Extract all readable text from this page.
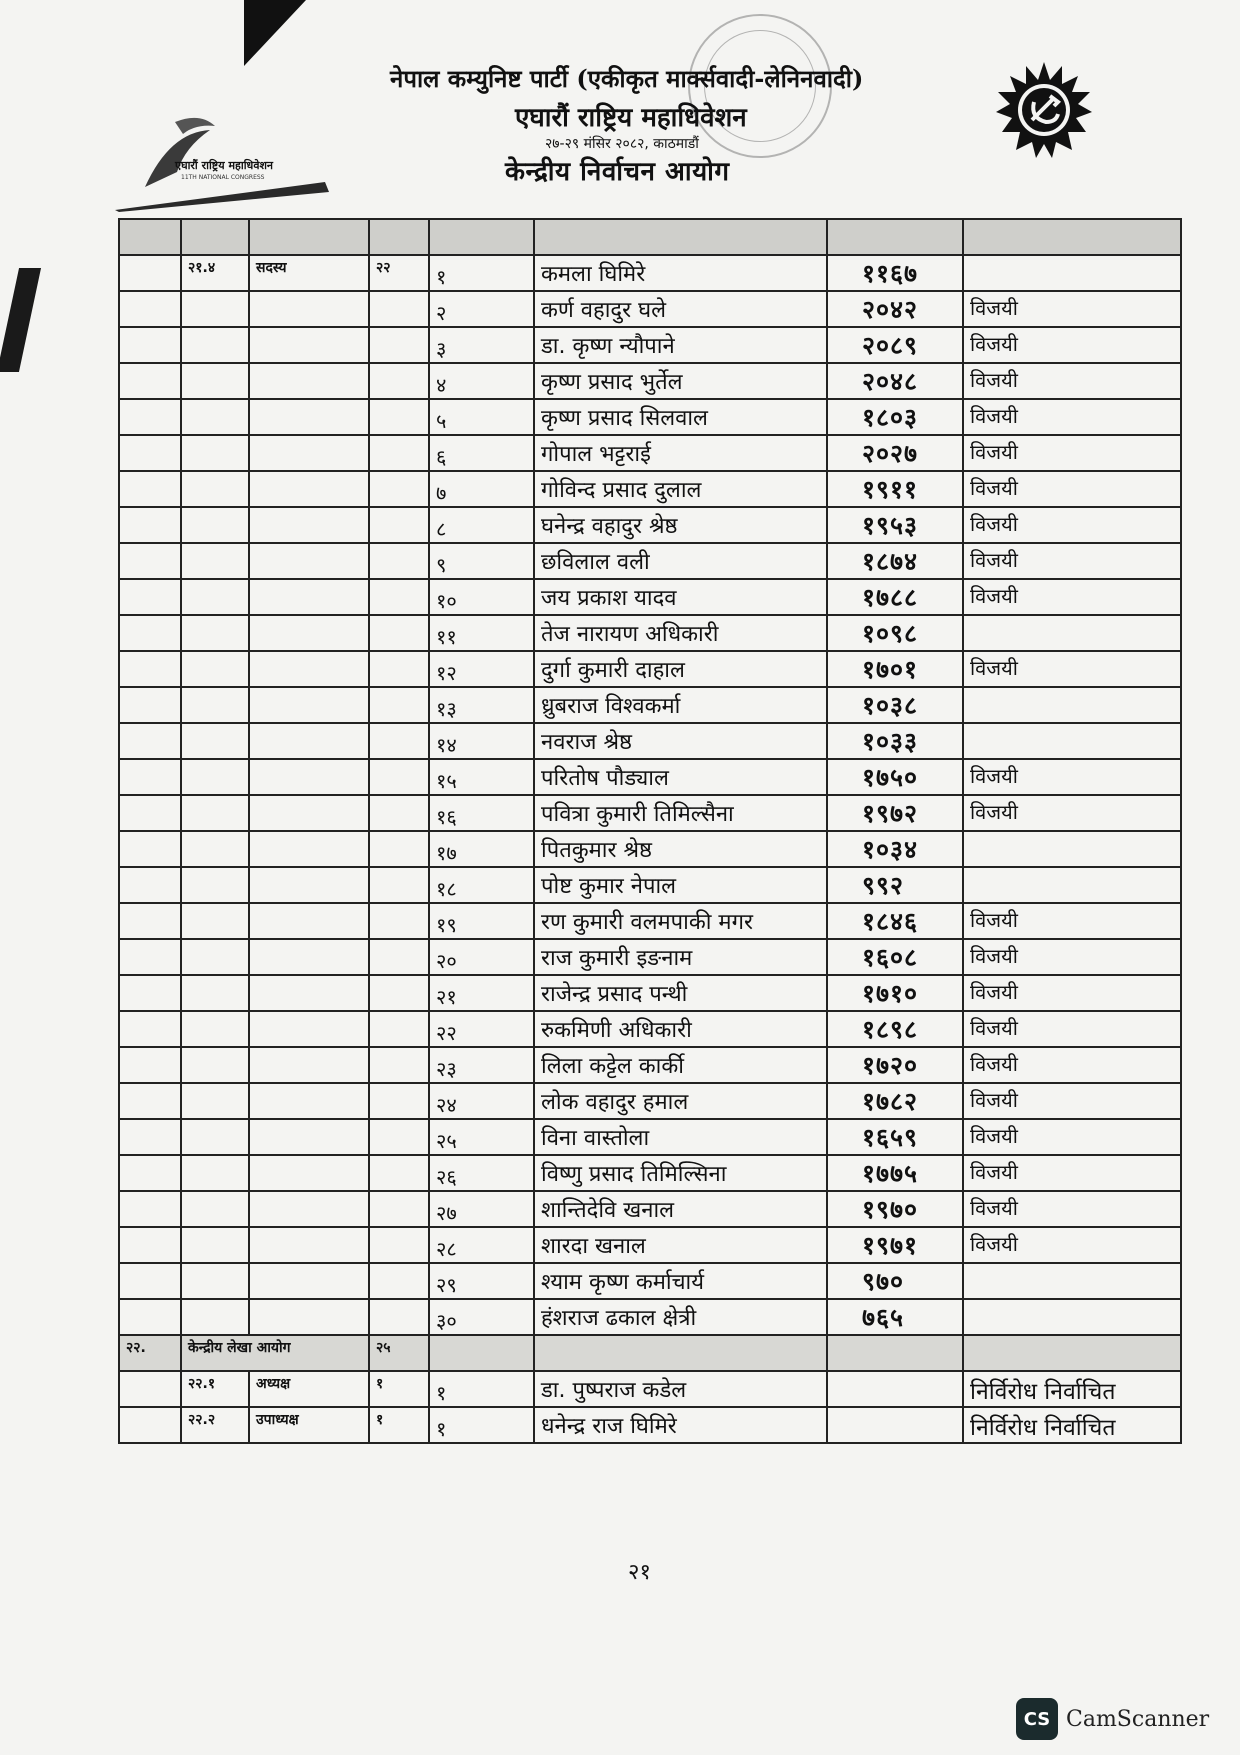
एघारौं राष्ट्रिय महाधिवेशन
11TH NATIONAL CONGRESS
नेपाल कम्युनिष्ट पार्टी (एकीकृत मार्क्सवादी-लेनिनवादी)
एघारौं राष्ट्रिय महाधिवेशन
२७-२९ मंसिर २०८२, काठमाडौं
केन्द्रीय निर्वाचन आयोग

	२१.४	सदस्य	२२	१	कमला घिमिरे	११६७	
				२	कर्ण वहादुर घले	२०४२	विजयी
				३	डा. कृष्ण न्यौपाने	२०८९	विजयी
				४	कृष्ण प्रसाद भुर्तेल	२०४८	विजयी
				५	कृष्ण प्रसाद सिलवाल	१८०३	विजयी
				६	गोपाल भट्टराई	२०२७	विजयी
				७	गोविन्द प्रसाद दुलाल	१९११	विजयी
				८	घनेन्द्र वहादुर श्रेष्ठ	१९५३	विजयी
				९	छविलाल वली	१८७४	विजयी
				१०	जय प्रकाश यादव	१७८८	विजयी
				११	तेज नारायण अधिकारी	१०९८	
				१२	दुर्गा कुमारी दाहाल	१७०१	विजयी
				१३	ध्रुबराज विश्वकर्मा	१०३८	
				१४	नवराज श्रेष्ठ	१०३३	
				१५	परितोष पौड्याल	१७५०	विजयी
				१६	पवित्रा कुमारी तिमिल्सैना	१९७२	विजयी
				१७	पितकुमार श्रेष्ठ	१०३४	
				१८	पोष्ट कुमार नेपाल	९९२	
				१९	रण कुमारी वलमपाकी मगर	१८४६	विजयी
				२०	राज कुमारी इङनाम	१६०८	विजयी
				२१	राजेन्द्र प्रसाद पन्थी	१७१०	विजयी
				२२	रुकमिणी अधिकारी	१८९८	विजयी
				२३	लिला कट्टेल कार्की	१७२०	विजयी
				२४	लोक वहादुर हमाल	१७८२	विजयी
				२५	विना वास्तोला	१६५९	विजयी
				२६	विष्णु प्रसाद तिमिल्सिना	१७७५	विजयी
				२७	शान्तिदेवि खनाल	१९७०	विजयी
				२८	शारदा खनाल	१९७१	विजयी
				२९	श्याम कृष्ण कर्माचार्य	९७०	
				३०	हंशराज ढकाल क्षेत्री	७६५	
२२.	केन्द्रीय लेखा आयोग		२५				
	२२.१	अध्यक्ष	१	१	डा. पुष्पराज कडेल		निर्विरोध निर्वाचित
	२२.२	उपाध्यक्ष	१	१	धनेन्द्र राज घिमिरे		निर्विरोध निर्वाचित
२१
CS CamScanner
